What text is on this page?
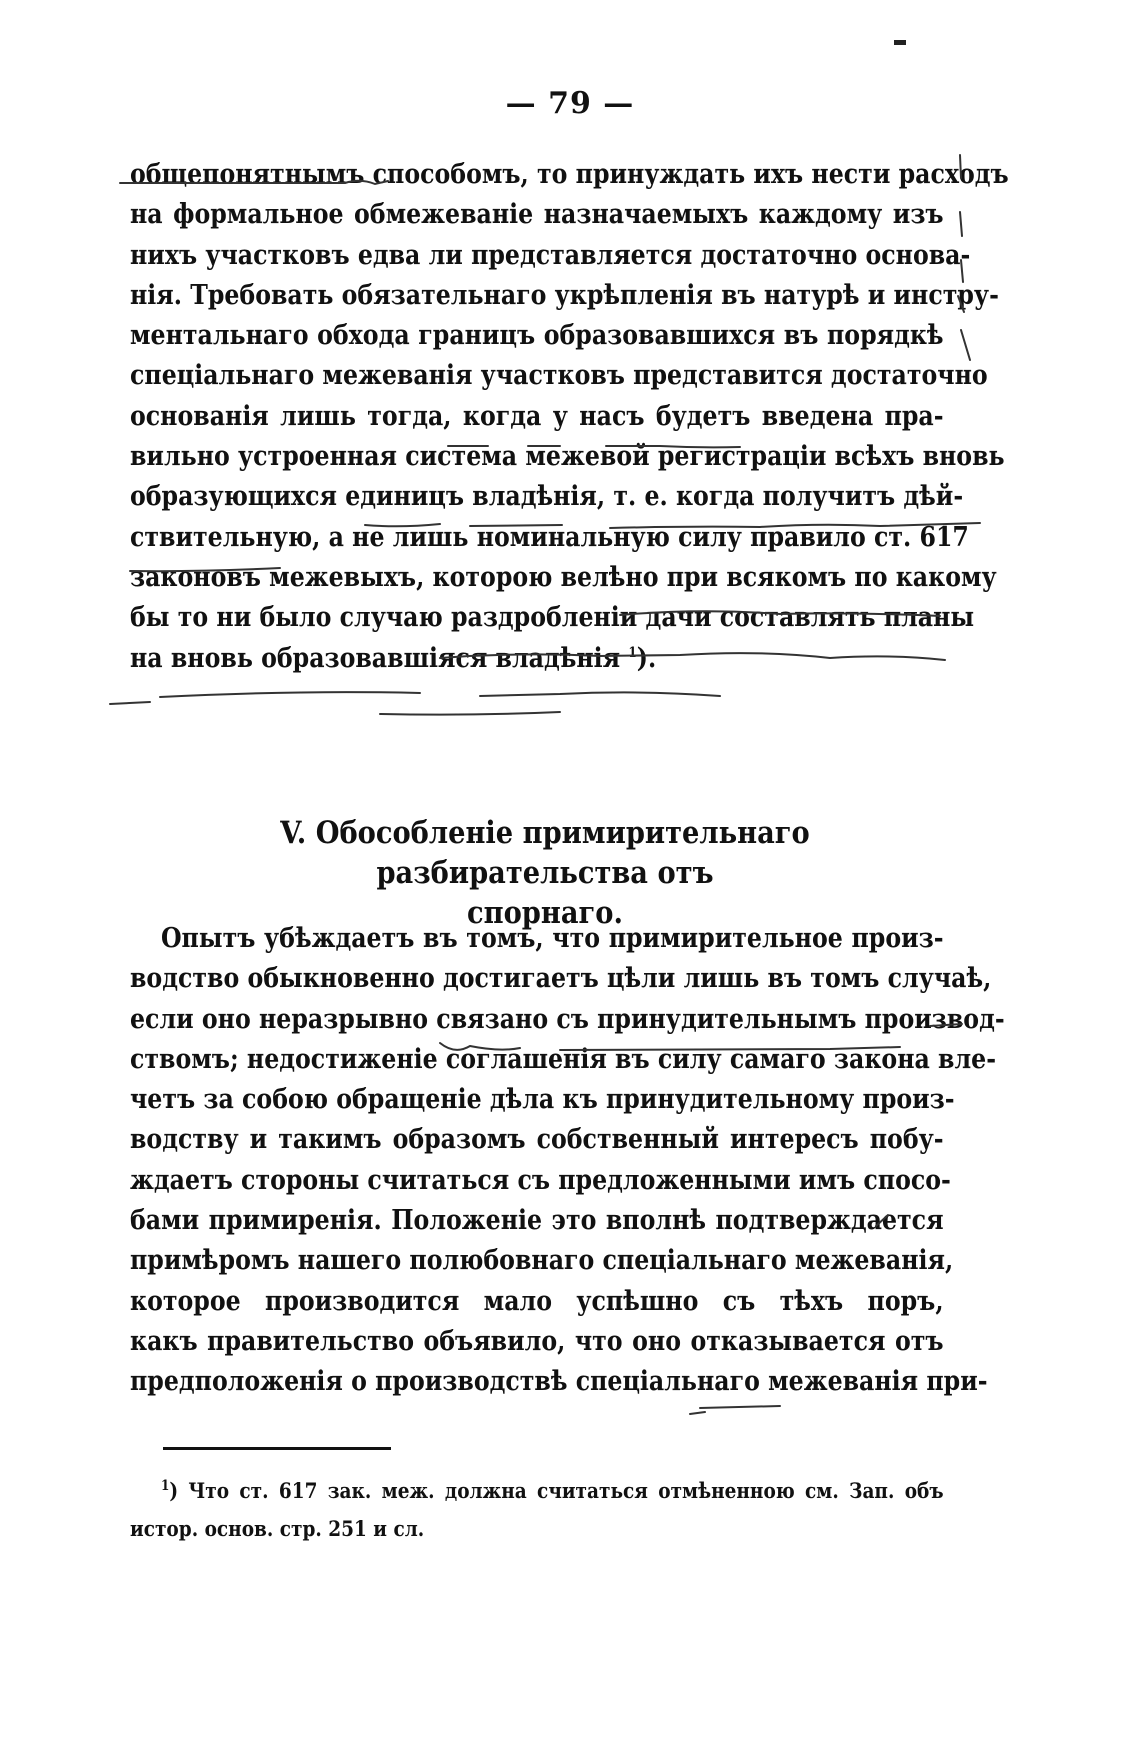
— 79 —
общепонятнымъ способомъ, то принуждать ихъ нести расходъ
на формальное обмежеваніе назначаемыхъ каждому изъ
нихъ участковъ едва ли представляется достаточно основа-
нія. Требовать обязательнаго укрѣпленія въ натурѣ и инстру-
ментальнаго обхода границъ образовавшихся въ порядкѣ
спеціальнаго межеванія участковъ представится достаточно
основанія лишь тогда, когда у насъ будетъ введена пра-
вильно устроенная система межевой регистраціи всѣхъ вновь
образующихся единицъ владѣнія, т. е. когда получитъ дѣй-
ствительную, а не лишь номинальную силу правило ст. 617
законовъ межевыхъ, которою велѣно при всякомъ по какому
бы то ни было случаю раздробленіи дачи составлять планы
на вновь образовавшіяся владѣнія $^1$).
V. Обособленіе примирительнаго разбирательства отъ
спорнаго.
Опытъ убѣждаетъ въ томъ, что примирительное произ-
водство обыкновенно достигаетъ цѣли лишь въ томъ случаѣ,
если оно неразрывно связано съ принудительнымъ производ-
ствомъ; недостиженіе соглашенія въ силу самаго закона вле-
четъ за собою обращеніе дѣла къ принудительному произ-
водству и такимъ образомъ собственный интересъ побу-
ждаетъ стороны считаться съ предложенными имъ спосо-
бами примиренія. Положеніе это вполнѣ подтверждается
примѣромъ нашего полюбовнаго спеціальнаго межеванія,
которое производится мало успѣшно съ тѣхъ поръ,
какъ правительство объявило, что оно отказывается отъ
предположенія о производствѣ спеціальнаго межеванія при-
$^1$) Что ст. 617 зак. меж. должна считаться отмѣненною см. Зап. объ
истор. основ. стр. 251 и сл.
